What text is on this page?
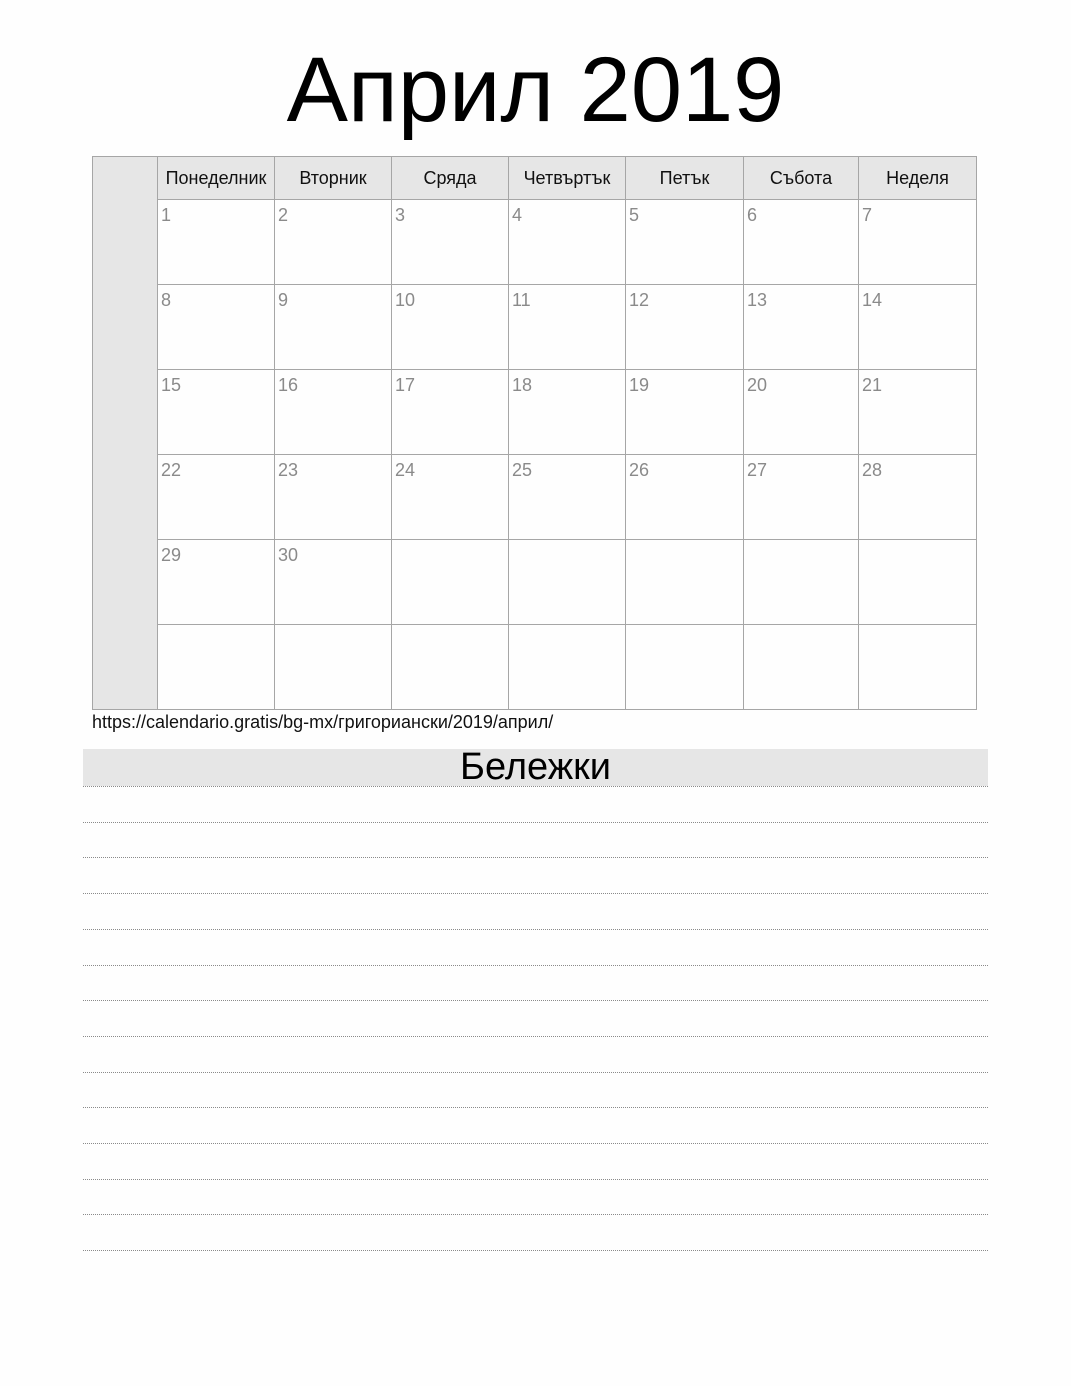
Април 2019
Понеделник	Вторник	Сряда	Четвъртък	Петък	Събота	Неделя
1	2	3	4	5	6	7
8	9	10	11	12	13	14
15	16	17	18	19	20	21
22	23	24	25	26	27	28
29	30
https://calendario.gratis/bg-mx/григориански/2019/април/
Бележки
